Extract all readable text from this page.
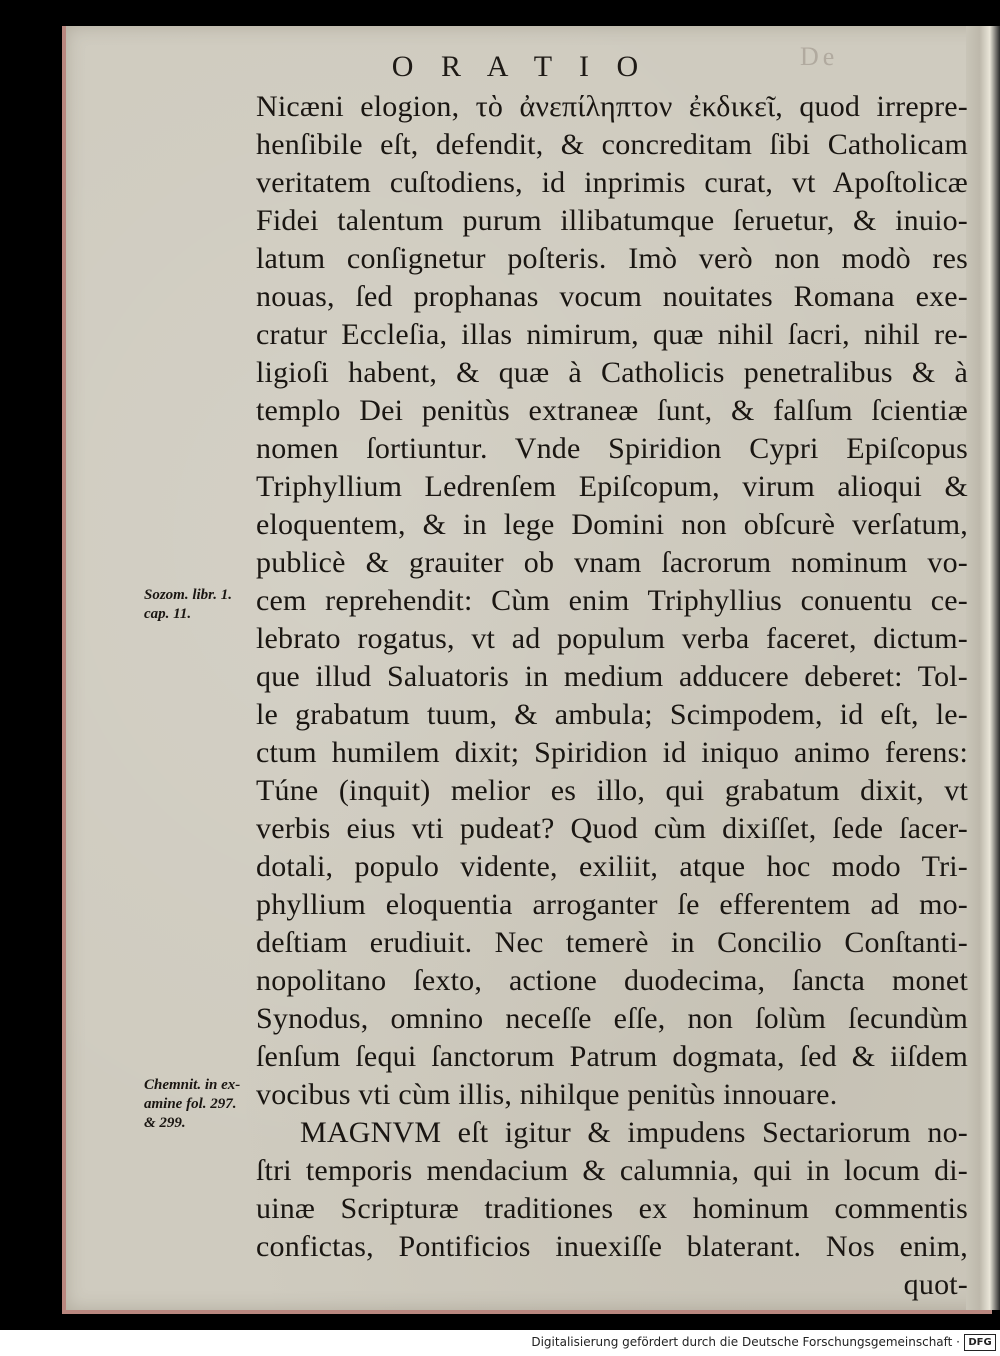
De
O R A T I O
Nicæni elogion, τὸ ἀνεπίληπτον ἐκδικεῖ, quod irrepre-
henſibile eſt, defendit, & concreditam ſibi Catholicam
veritatem cuſtodiens, id inprimis curat, vt Apoſtolicæ
Fidei talentum purum illibatumque ſeruetur, & inuio-
latum conſignetur poſteris. Imò verò non modò res
nouas, ſed prophanas vocum nouitates Romana exe-
cratur Eccleſia, illas nimirum, quæ nihil ſacri, nihil re-
ligioſi habent, & quæ à Catholicis penetralibus & à
templo Dei penitùs extraneæ ſunt, & falſum ſcientiæ
nomen ſortiuntur. Vnde Spiridion Cypri Epiſcopus
Triphyllium Ledrenſem Epiſcopum, virum alioqui &
eloquentem, & in lege Domini non obſcurè verſatum,
publicè & grauiter ob vnam ſacrorum nominum vo-
cem reprehendit: Cùm enim Triphyllius conuentu ce-
lebrato rogatus, vt ad populum verba faceret, dictum-
que illud Saluatoris in medium adducere deberet: Tol-
le grabatum tuum, & ambula; Scimpodem, id eſt, le-
ctum humilem dixit; Spiridion id iniquo animo ferens:
Túne (inquit) melior es illo, qui grabatum dixit, vt
verbis eius vti pudeat? Quod cùm dixiſſet, ſede ſacer-
dotali, populo vidente, exiliit, atque hoc modo Tri-
phyllium eloquentia arroganter ſe efferentem ad mo-
deſtiam erudiuit. Nec temerè in Concilio Conſtanti-
nopolitano ſexto, actione duodecima, ſancta monet
Synodus, omnino neceſſe eſſe, non ſolùm ſecundùm
ſenſum ſequi ſanctorum Patrum dogmata, ſed & iiſdem
vocibus vti cùm illis, nihilque penitùs innouare.
MAGNVM eſt igitur & impudens Sectariorum no-
ſtri temporis mendacium & calumnia, qui in locum di-
uinæ Scripturæ traditiones ex hominum commentis
confictas, Pontificios inuexiſſe blaterant. Nos enim,
quot-
Sozom. libr. 1.
cap. 11.
Chemnit. in ex-
amine fol. 297.
& 299.
Digitalisierung gefördert durch die Deutsche Forschungsgemeinschaft · DFG
